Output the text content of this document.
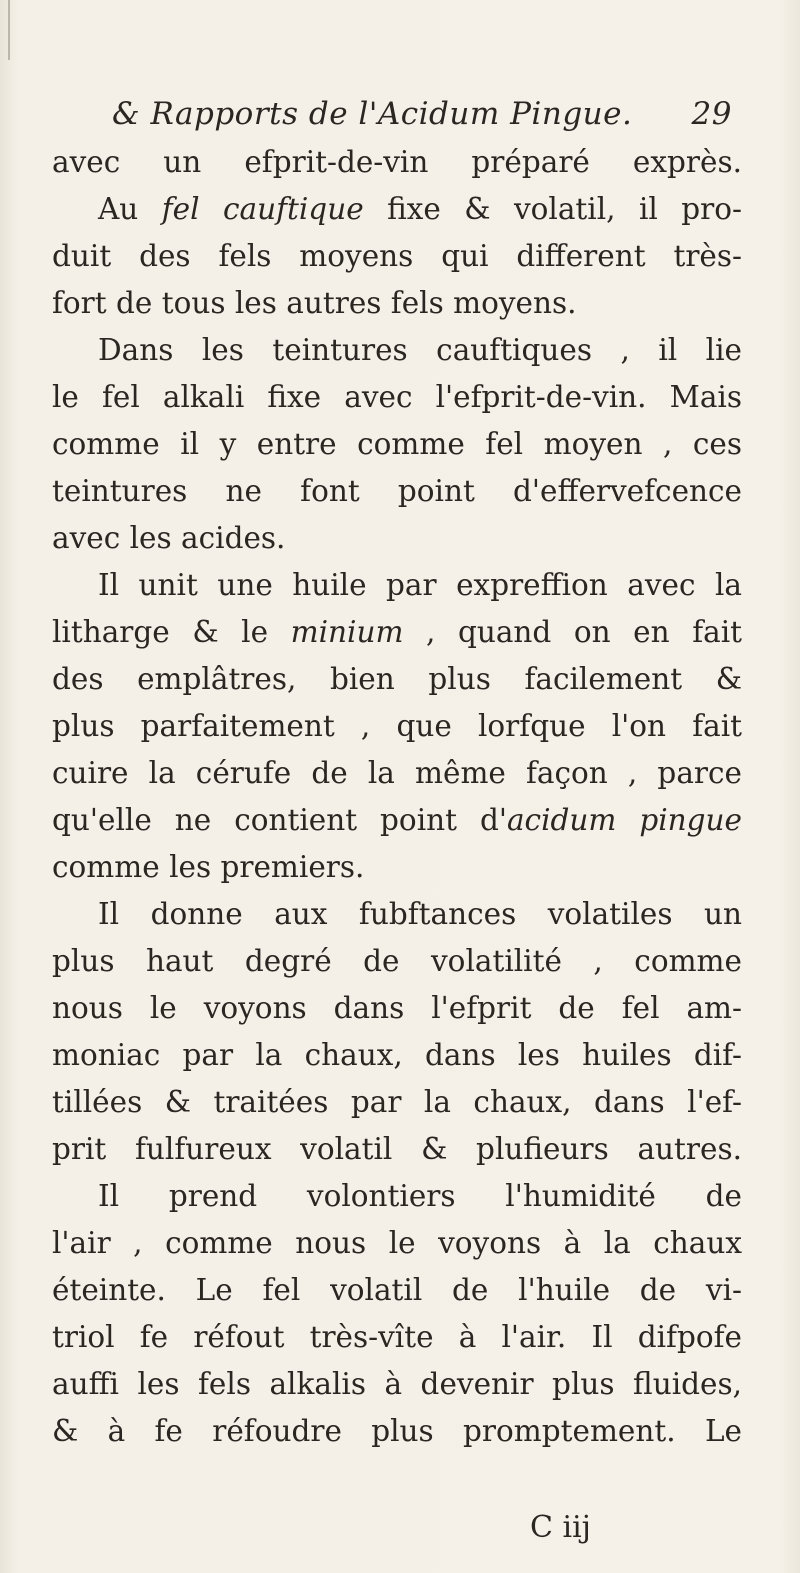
& Rapports de l'Acidum Pingue. 29
avec un efprit-de-vin préparé exprès.
Au fel cauftique fixe & volatil, il pro-
duit des fels moyens qui different très-
fort de tous les autres fels moyens.
Dans les teintures cauftiques , il lie
le fel alkali fixe avec l'efprit-de-vin. Mais
comme il y entre comme fel moyen , ces
teintures ne font point d'effervefcence
avec les acides.
Il unit une huile par expreffion avec la
litharge & le minium , quand on en fait
des emplâtres, bien plus facilement &
plus parfaitement , que lorfque l'on fait
cuire la cérufe de la même façon , parce
qu'elle ne contient point d'acidum pingue
comme les premiers.
Il donne aux fubftances volatiles un
plus haut degré de volatilité , comme
nous le voyons dans l'efprit de fel am-
moniac par la chaux, dans les huiles dif-
tillées & traitées par la chaux, dans l'ef-
prit fulfureux volatil & plufieurs autres.
Il prend volontiers l'humidité de
l'air , comme nous le voyons à la chaux
éteinte. Le fel volatil de l'huile de vi-
triol fe réfout très-vîte à l'air. Il difpofe
auffi les fels alkalis à devenir plus fluides,
& à fe réfoudre plus promptement. Le
C iij
